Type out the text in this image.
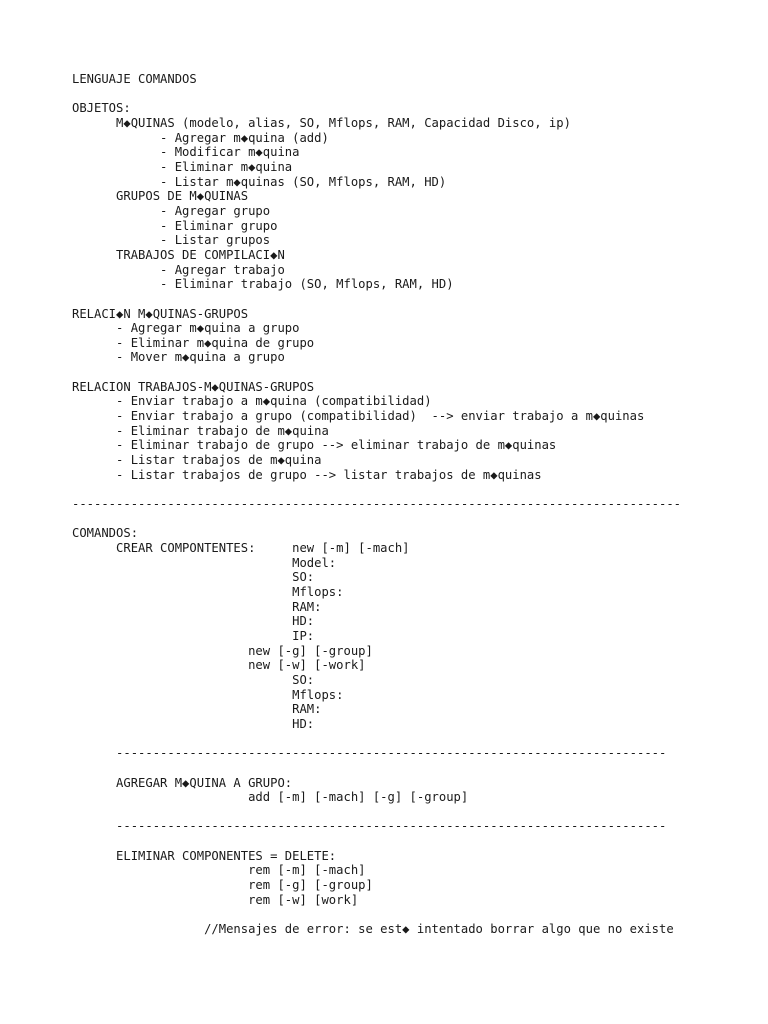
LENGUAJE COMANDOS
OBJETOS:
M◆QUINAS (modelo, alias, SO, Mflops, RAM, Capacidad Disco, ip)
- Agregar m◆quina (add)
- Modificar m◆quina
- Eliminar m◆quina
- Listar m◆quinas (SO, Mflops, RAM, HD)
GRUPOS DE M◆QUINAS
- Agregar grupo
- Eliminar grupo
- Listar grupos
TRABAJOS DE COMPILACI◆N
- Agregar trabajo
- Eliminar trabajo (SO, Mflops, RAM, HD)
RELACI◆N M◆QUINAS-GRUPOS
- Agregar m◆quina a grupo
- Eliminar m◆quina de grupo
- Mover m◆quina a grupo
RELACION TRABAJOS-M◆QUINAS-GRUPOS
- Enviar trabajo a m◆quina (compatibilidad)
- Enviar trabajo a grupo (compatibilidad)  --> enviar trabajo a m◆quinas
- Eliminar trabajo de m◆quina
- Eliminar trabajo de grupo --> eliminar trabajo de m◆quinas
- Listar trabajos de m◆quina
- Listar trabajos de grupo --> listar trabajos de m◆quinas
-----------------------------------------------------------------------------------
COMANDOS:
CREAR COMPONTENTES:     new [-m] [-mach]
Model:
SO:
Mflops:
RAM:
HD:
IP:
new [-g] [-group]
new [-w] [-work]
SO:
Mflops:
RAM:
HD:
---------------------------------------------------------------------------
AGREGAR M◆QUINA A GRUPO:
add [-m] [-mach] [-g] [-group]
---------------------------------------------------------------------------
ELIMINAR COMPONENTES = DELETE:
rem [-m] [-mach]
rem [-g] [-group]
rem [-w] [work]
//Mensajes de error: se est◆ intentado borrar algo que no existe
